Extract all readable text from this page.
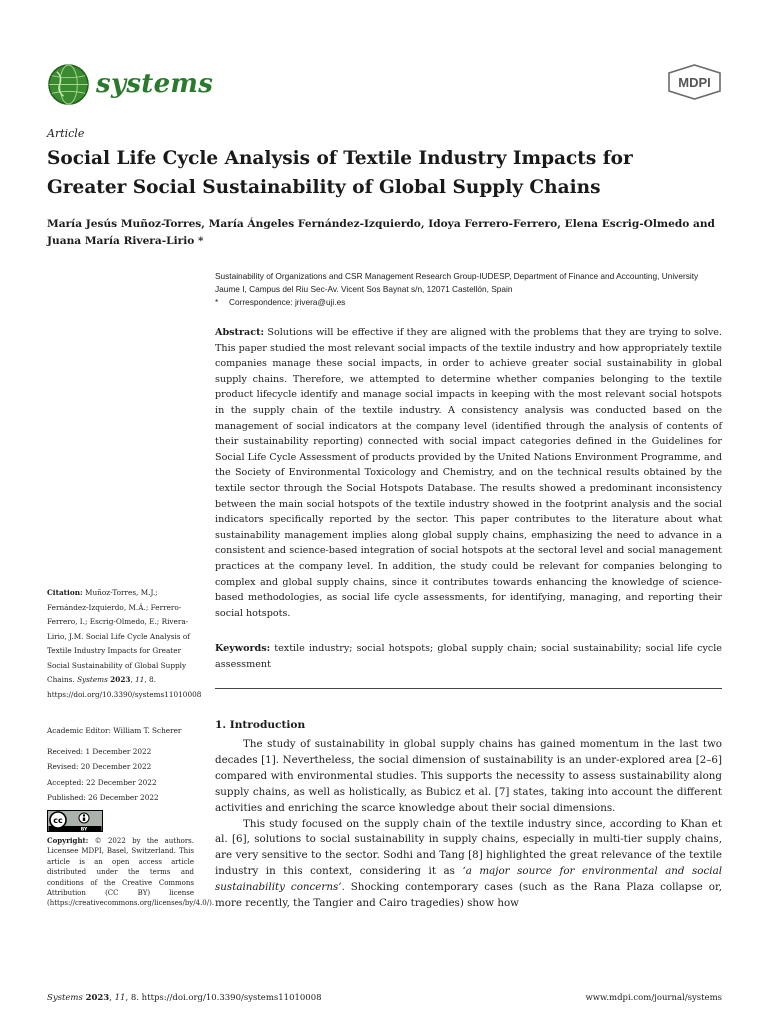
systems	MDPI
Article
Social Life Cycle Analysis of Textile Industry Impacts for
Greater Social Sustainability of Global Supply Chains
María Jesús Muñoz-Torres, María Ángeles Fernández-Izquierdo, Idoya Ferrero-Ferrero, Elena Escrig-Olmedo and
Juana María Rivera-Lirio *
Sustainability of Organizations and CSR Management Research Group-IUDESP, Department of Finance and Accounting, University Jaume I, Campus del Riu Sec-Av. Vicent Sos Baynat s/n, 12071 Castellón, Spain
*	Correspondence: jrivera@uji.es
Abstract: Solutions will be effective if they are aligned with the problems that they are trying to solve. This paper studied the most relevant social impacts of the textile industry and how appropriately textile companies manage these social impacts, in order to achieve greater social sustainability in global supply chains. Therefore, we attempted to determine whether companies belonging to the textile product lifecycle identify and manage social impacts in keeping with the most relevant social hotspots in the supply chain of the textile industry. A consistency analysis was conducted based on the management of social indicators at the company level (identified through the analysis of contents of their sustainability reporting) connected with social impact categories defined in the Guidelines for Social Life Cycle Assessment of products provided by the United Nations Environment Programme, and the Society of Environmental Toxicology and Chemistry, and on the technical results obtained by the textile sector through the Social Hotspots Database. The results showed a predominant inconsistency between the main social hotspots of the textile industry showed in the footprint analysis and the social indicators specifically reported by the sector. This paper contributes to the literature about what sustainability management implies along global supply chains, emphasizing the need to advance in a consistent and science-based integration of social hotspots at the sectoral level and social management practices at the company level. In addition, the study could be relevant for companies belonging to complex and global supply chains, since it contributes towards enhancing the knowledge of science-based methodologies, as social life cycle assessments, for identifying, managing, and reporting their social hotspots.
Keywords: textile industry; social hotspots; global supply chain; social sustainability; social life cycle assessment
1. Introduction

The study of sustainability in global supply chains has gained momentum in the last two decades [1]. Nevertheless, the social dimension of sustainability is an under-explored area [2–6] compared with environmental studies. This supports the necessity to assess sustainability along supply chains, as well as holistically, as Bubicz et al. [7] states, taking into account the different activities and enriching the scarce knowledge about their social dimensions.

This study focused on the supply chain of the textile industry since, according to Khan et al. [6], solutions to social sustainability in supply chains, especially in multi-tier supply chains, are very sensitive to the sector. Sodhi and Tang [8] highlighted the great relevance of the textile industry in this context, considering it as ‘a major source for environmental and social sustainability concerns’. Shocking contemporary cases (such as the Rana Plaza collapse or, more recently, the Tangier and Cairo tragedies) show how

Citation: Muñoz-Torres, M.J.; Fernández-Izquierdo, M.Á.; Ferrero-Ferrero, I.; Escrig-Olmedo, E.; Rivera-Lirio, J.M. Social Life Cycle Analysis of Textile Industry Impacts for Greater Social Sustainability of Global Supply Chains. Systems 2023, 11, 8. https://doi.org/10.3390/systems11010008
Academic Editor: William T. Scherer
Received: 1 December 2022
Revised: 20 December 2022
Accepted: 22 December 2022
Published: 26 December 2022
cc
BY
Copyright: © 2022 by the authors. Licensee MDPI, Basel, Switzerland. This article is an open access article distributed under the terms and conditions of the Creative Commons Attribution (CC BY) license (https://creativecommons.org/licenses/by/4.0/).
Systems 2023, 11, 8. https://doi.org/10.3390/systems11010008	www.mdpi.com/journal/systems
